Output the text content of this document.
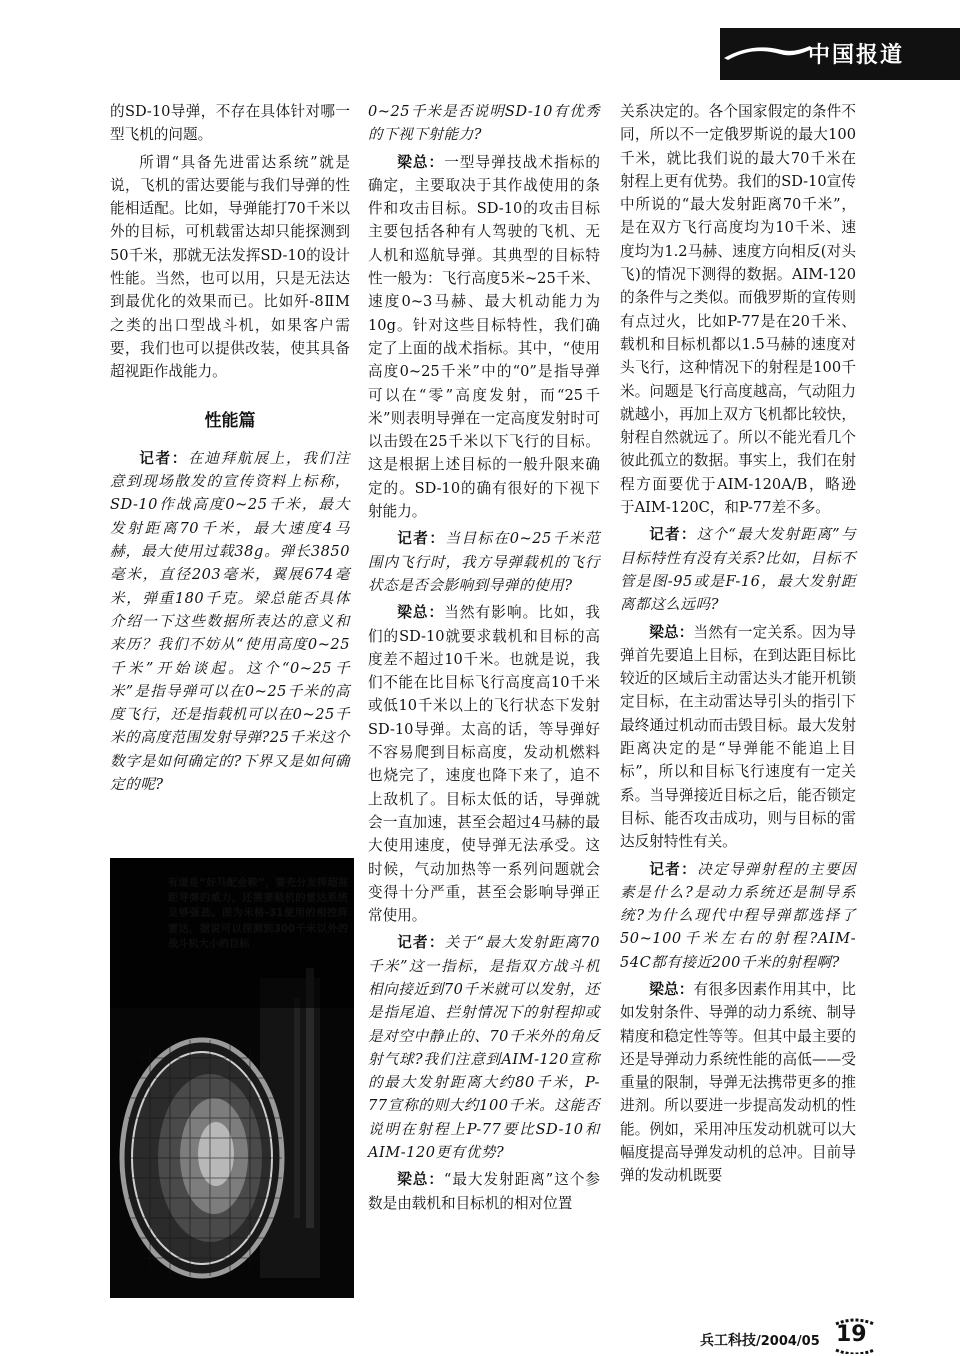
中国报道

的SD-10导弹，不存在具体针对哪一型飞机的问题。

所谓“具备先进雷达系统”就是说，飞机的雷达要能与我们导弹的性能相适配。比如，导弹能打70千米以外的目标，可机载雷达却只能探测到50千米，那就无法发挥SD-10的设计性能。当然，也可以用，只是无法达到最优化的效果而已。比如歼-8ⅡM之类的出口型战斗机，如果客户需要，我们也可以提供改装，使其具备超视距作战能力。

性能篇

记者：在迪拜航展上，我们注意到现场散发的宣传资料上标称，SD-10作战高度0~25千米，最大发射距离70千米，最大速度4马赫，最大使用过载38g。弹长3850毫米，直径203毫米，翼展674毫米，弹重180千克。梁总能否具体介绍一下这些数据所表达的意义和来历？我们不妨从“使用高度0~25千米”开始谈起。这个“0~25千米”是指导弹可以在0~25千米的高度飞行，还是指载机可以在0~25千米的高度范围发射导弹?25千米这个数字是如何确定的?下界又是如何确定的呢?

有道是“好马配金鞍”，要充分发挥超视距导弹的威力，还需要载机的雷达系统足够强劲。图为米格-31使用的相控阵雷达，据说可以探测到300千米以外的战斗机大小的目标

0~25千米是否说明SD-10有优秀的下视下射能力?

梁总：一型导弹技战术指标的确定，主要取决于其作战使用的条件和攻击目标。SD-10的攻击目标主要包括各种有人驾驶的飞机、无人机和巡航导弹。其典型的目标特性一般为：飞行高度5米~25千米、速度0~3马赫、最大机动能力为10g。针对这些目标特性，我们确定了上面的战术指标。其中，“使用高度0~25千米”中的“0”是指导弹可以在“零”高度发射，而“25千米”则表明导弹在一定高度发射时可以击毁在25千米以下飞行的目标。这是根据上述目标的一般升限来确定的。SD-10的确有很好的下视下射能力。

记者：当目标在0~25千米范围内飞行时，我方导弹载机的飞行状态是否会影响到导弹的使用?

梁总：当然有影响。比如，我们的SD-10就要求载机和目标的高度差不超过10千米。也就是说，我们不能在比目标飞行高度高10千米或低10千米以上的飞行状态下发射SD-10导弹。太高的话，等导弹好不容易爬到目标高度，发动机燃料也烧完了，速度也降下来了，追不上敌机了。目标太低的话，导弹就会一直加速，甚至会超过4马赫的最大使用速度，使导弹无法承受。这时候，气动加热等一系列问题就会变得十分严重，甚至会影响导弹正常使用。

记者：关于“最大发射距离70千米”这一指标，是指双方战斗机相向接近到70千米就可以发射，还是指尾追、拦射情况下的射程抑或是对空中静止的、70千米外的角反射气球?我们注意到AIM-120宣称的最大发射距离大约80千米，P-77宣称的则大约100千米。这能否说明在射程上P-77要比SD-10和AIM-120更有优势?

梁总：“最大发射距离”这个参数是由载机和目标机的相对位置

关系决定的。各个国家假定的条件不同，所以不一定俄罗斯说的最大100千米，就比我们说的最大70千米在射程上更有优势。我们的SD-10宣传中所说的“最大发射距离70千米”，是在双方飞行高度均为10千米、速度均为1.2马赫、速度方向相反(对头飞)的情况下测得的数据。AIM-120的条件与之类似。而俄罗斯的宣传则有点过火，比如P-77是在20千米、载机和目标机都以1.5马赫的速度对头飞行，这种情况下的射程是100千米。问题是飞行高度越高，气动阻力就越小，再加上双方飞机都比较快，射程自然就远了。所以不能光看几个彼此孤立的数据。事实上，我们在射程方面要优于AIM-120A/B，略逊于AIM-120C，和P-77差不多。

记者：这个“最大发射距离”与目标特性有没有关系?比如，目标不管是图-95或是F-16，最大发射距离都这么远吗?

梁总：当然有一定关系。因为导弹首先要追上目标，在到达距目标比较近的区域后主动雷达头才能开机锁定目标，在主动雷达导引头的指引下最终通过机动而击毁目标。最大发射距离决定的是“导弹能不能追上目标”，所以和目标飞行速度有一定关系。当导弹接近目标之后，能否锁定目标、能否攻击成功，则与目标的雷达反射特性有关。

记者：决定导弹射程的主要因素是什么?是动力系统还是制导系统?为什么现代中程导弹都选择了50~100千米左右的射程?AIM-54C都有接近200千米的射程啊?

梁总：有很多因素作用其中，比如发射条件、导弹的动力系统、制导精度和稳定性等等。但其中最主要的还是导弹动力系统性能的高低——受重量的限制，导弹无法携带更多的推进剂。所以要进一步提高发动机的性能。例如，采用冲压发动机就可以大幅度提高导弹发动机的总冲。目前导弹的发动机既要

兵工科技/2004/05 19
